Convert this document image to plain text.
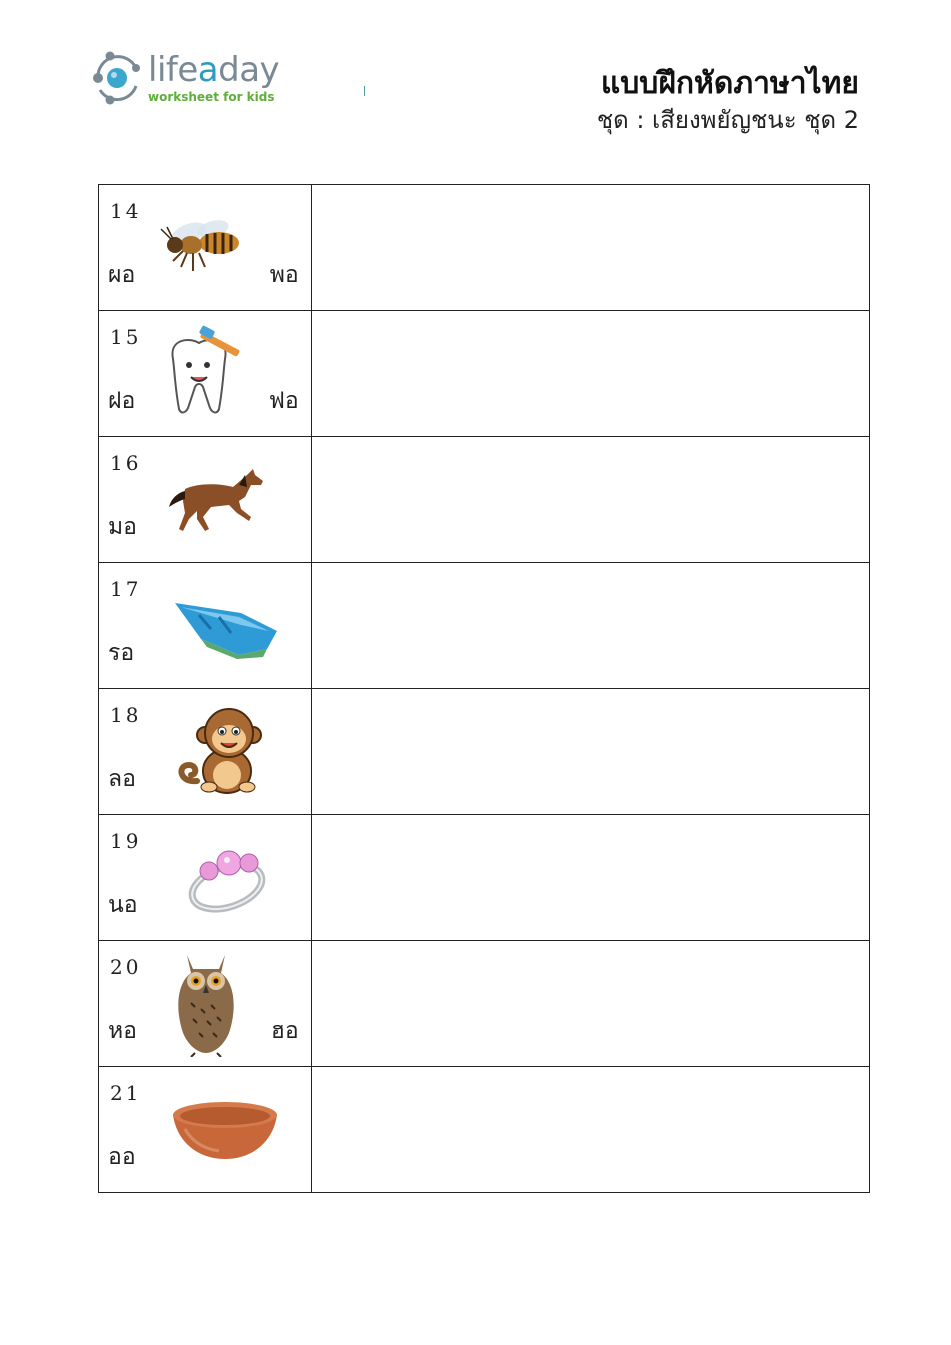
lifeaday
worksheet for kids	แบบฝึกหัดภาษาไทย
ชุด : เสียงพยัญชนะ ชุด 2
14
ผอ พอ	

15
ฝอ ฟอ	

16
มอ	

17
รอ	

18
ลอ	

19
นอ	

20
หอ ฮอ	

21
ออ	
